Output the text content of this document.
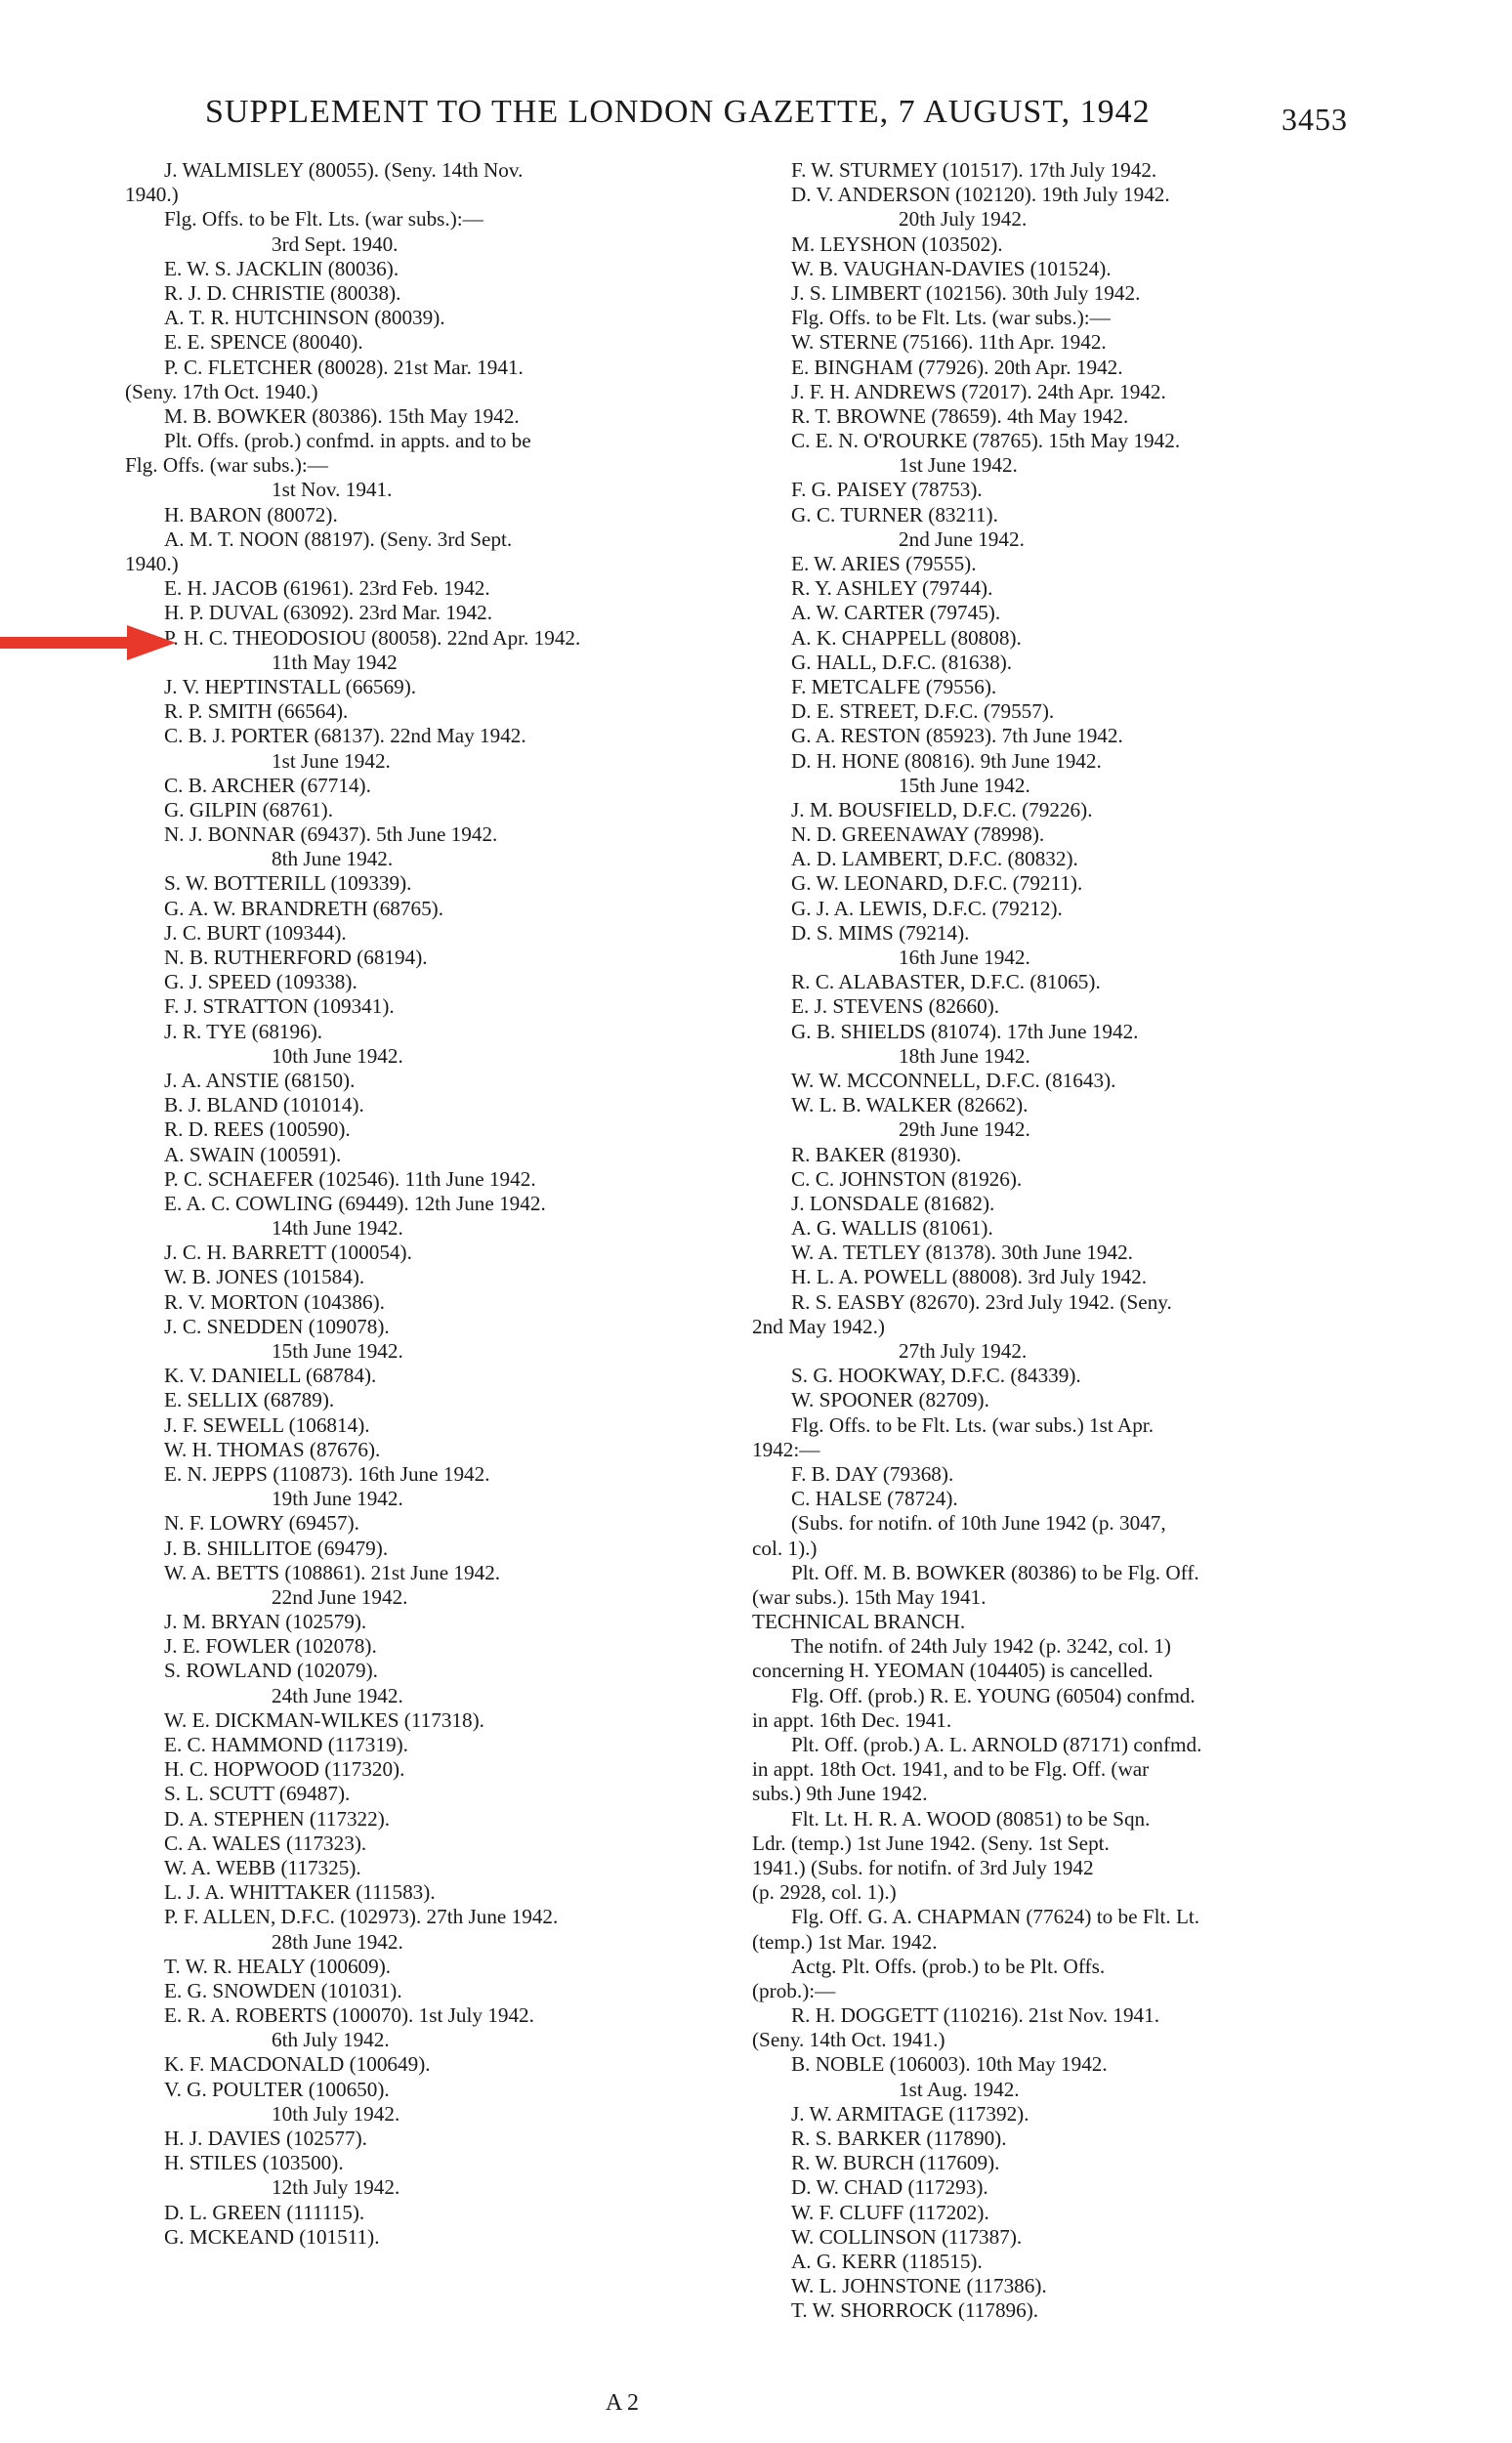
SUPPLEMENT TO THE LONDON GAZETTE, 7 AUGUST, 1942	3453
J. WALMISLEY (80055). (Seny. 14th Nov.
1940.)
Flg. Offs. to be Flt. Lts. (war subs.):—
3rd Sept. 1940.
E. W. S. JACKLIN (80036).
R. J. D. CHRISTIE (80038).
A. T. R. HUTCHINSON (80039).
E. E. SPENCE (80040).
P. C. FLETCHER (80028). 21st Mar. 1941.
(Seny. 17th Oct. 1940.)
M. B. BOWKER (80386). 15th May 1942.
Plt. Offs. (prob.) confmd. in appts. and to be
Flg. Offs. (war subs.):—
1st Nov. 1941.
H. BARON (80072).
A. M. T. NOON (88197). (Seny. 3rd Sept.
1940.)
E. H. JACOB (61961). 23rd Feb. 1942.
H. P. DUVAL (63092). 23rd Mar. 1942.
P. H. C. THEODOSIOU (80058). 22nd Apr. 1942.
11th May 1942
J. V. HEPTINSTALL (66569).
R. P. SMITH (66564).
C. B. J. PORTER (68137). 22nd May 1942.
1st June 1942.
C. B. ARCHER (67714).
G. GILPIN (68761).
N. J. BONNAR (69437). 5th June 1942.
8th June 1942.
S. W. BOTTERILL (109339).
G. A. W. BRANDRETH (68765).
J. C. BURT (109344).
N. B. RUTHERFORD (68194).
G. J. SPEED (109338).
F. J. STRATTON (109341).
J. R. TYE (68196).
10th June 1942.
J. A. ANSTIE (68150).
B. J. BLAND (101014).
R. D. REES (100590).
A. SWAIN (100591).
P. C. SCHAEFER (102546). 11th June 1942.
E. A. C. COWLING (69449). 12th June 1942.
14th June 1942.
J. C. H. BARRETT (100054).
W. B. JONES (101584).
R. V. MORTON (104386).
J. C. SNEDDEN (109078).
15th June 1942.
K. V. DANIELL (68784).
E. SELLIX (68789).
J. F. SEWELL (106814).
W. H. THOMAS (87676).
E. N. JEPPS (110873). 16th June 1942.
19th June 1942.
N. F. LOWRY (69457).
J. B. SHILLITOE (69479).
W. A. BETTS (108861). 21st June 1942.
22nd June 1942.
J. M. BRYAN (102579).
J. E. FOWLER (102078).
S. ROWLAND (102079).
24th June 1942.
W. E. DICKMAN-WILKES (117318).
E. C. HAMMOND (117319).
H. C. HOPWOOD (117320).
S. L. SCUTT (69487).
D. A. STEPHEN (117322).
C. A. WALES (117323).
W. A. WEBB (117325).
L. J. A. WHITTAKER (111583).
P. F. ALLEN, D.F.C. (102973). 27th June 1942.
28th June 1942.
T. W. R. HEALY (100609).
E. G. SNOWDEN (101031).
E. R. A. ROBERTS (100070). 1st July 1942.
6th July 1942.
K. F. MACDONALD (100649).
V. G. POULTER (100650).
10th July 1942.
H. J. DAVIES (102577).
H. STILES (103500).
12th July 1942.
D. L. GREEN (111115).
G. MCKEAND (101511).
F. W. STURMEY (101517). 17th July 1942.
D. V. ANDERSON (102120). 19th July 1942.
20th July 1942.
M. LEYSHON (103502).
W. B. VAUGHAN-DAVIES (101524).
J. S. LIMBERT (102156). 30th July 1942.
Flg. Offs. to be Flt. Lts. (war subs.):—
W. STERNE (75166). 11th Apr. 1942.
E. BINGHAM (77926). 20th Apr. 1942.
J. F. H. ANDREWS (72017). 24th Apr. 1942.
R. T. BROWNE (78659). 4th May 1942.
C. E. N. O'ROURKE (78765). 15th May 1942.
1st June 1942.
F. G. PAISEY (78753).
G. C. TURNER (83211).
2nd June 1942.
E. W. ARIES (79555).
R. Y. ASHLEY (79744).
A. W. CARTER (79745).
A. K. CHAPPELL (80808).
G. HALL, D.F.C. (81638).
F. METCALFE (79556).
D. E. STREET, D.F.C. (79557).
G. A. RESTON (85923). 7th June 1942.
D. H. HONE (80816). 9th June 1942.
15th June 1942.
J. M. BOUSFIELD, D.F.C. (79226).
N. D. GREENAWAY (78998).
A. D. LAMBERT, D.F.C. (80832).
G. W. LEONARD, D.F.C. (79211).
G. J. A. LEWIS, D.F.C. (79212).
D. S. MIMS (79214).
16th June 1942.
R. C. ALABASTER, D.F.C. (81065).
E. J. STEVENS (82660).
G. B. SHIELDS (81074). 17th June 1942.
18th June 1942.
W. W. MCCONNELL, D.F.C. (81643).
W. L. B. WALKER (82662).
29th June 1942.
R. BAKER (81930).
C. C. JOHNSTON (81926).
J. LONSDALE (81682).
A. G. WALLIS (81061).
W. A. TETLEY (81378). 30th June 1942.
H. L. A. POWELL (88008). 3rd July 1942.
R. S. EASBY (82670). 23rd July 1942. (Seny.
2nd May 1942.)
27th July 1942.
S. G. HOOKWAY, D.F.C. (84339).
W. SPOONER (82709).
Flg. Offs. to be Flt. Lts. (war subs.) 1st Apr.
1942:—
F. B. DAY (79368).
C. HALSE (78724).
(Subs. for notifn. of 10th June 1942 (p. 3047,
col. 1).)
Plt. Off. M. B. BOWKER (80386) to be Flg. Off.
(war subs.). 15th May 1941.
TECHNICAL BRANCH.
The notifn. of 24th July 1942 (p. 3242, col. 1)
concerning H. YEOMAN (104405) is cancelled.
Flg. Off. (prob.) R. E. YOUNG (60504) confmd.
in appt. 16th Dec. 1941.
Plt. Off. (prob.) A. L. ARNOLD (87171) confmd.
in appt. 18th Oct. 1941, and to be Flg. Off. (war
subs.) 9th June 1942.
Flt. Lt. H. R. A. WOOD (80851) to be Sqn.
Ldr. (temp.) 1st June 1942. (Seny. 1st Sept.
1941.) (Subs. for notifn. of 3rd July 1942
(p. 2928, col. 1).)
Flg. Off. G. A. CHAPMAN (77624) to be Flt. Lt.
(temp.) 1st Mar. 1942.
Actg. Plt. Offs. (prob.) to be Plt. Offs.
(prob.):—
R. H. DOGGETT (110216). 21st Nov. 1941.
(Seny. 14th Oct. 1941.)
B. NOBLE (106003). 10th May 1942.
1st Aug. 1942.
J. W. ARMITAGE (117392).
R. S. BARKER (117890).
R. W. BURCH (117609).
D. W. CHAD (117293).
W. F. CLUFF (117202).
W. COLLINSON (117387).
A. G. KERR (118515).
W. L. JOHNSTONE (117386).
T. W. SHORROCK (117896).
A 2
